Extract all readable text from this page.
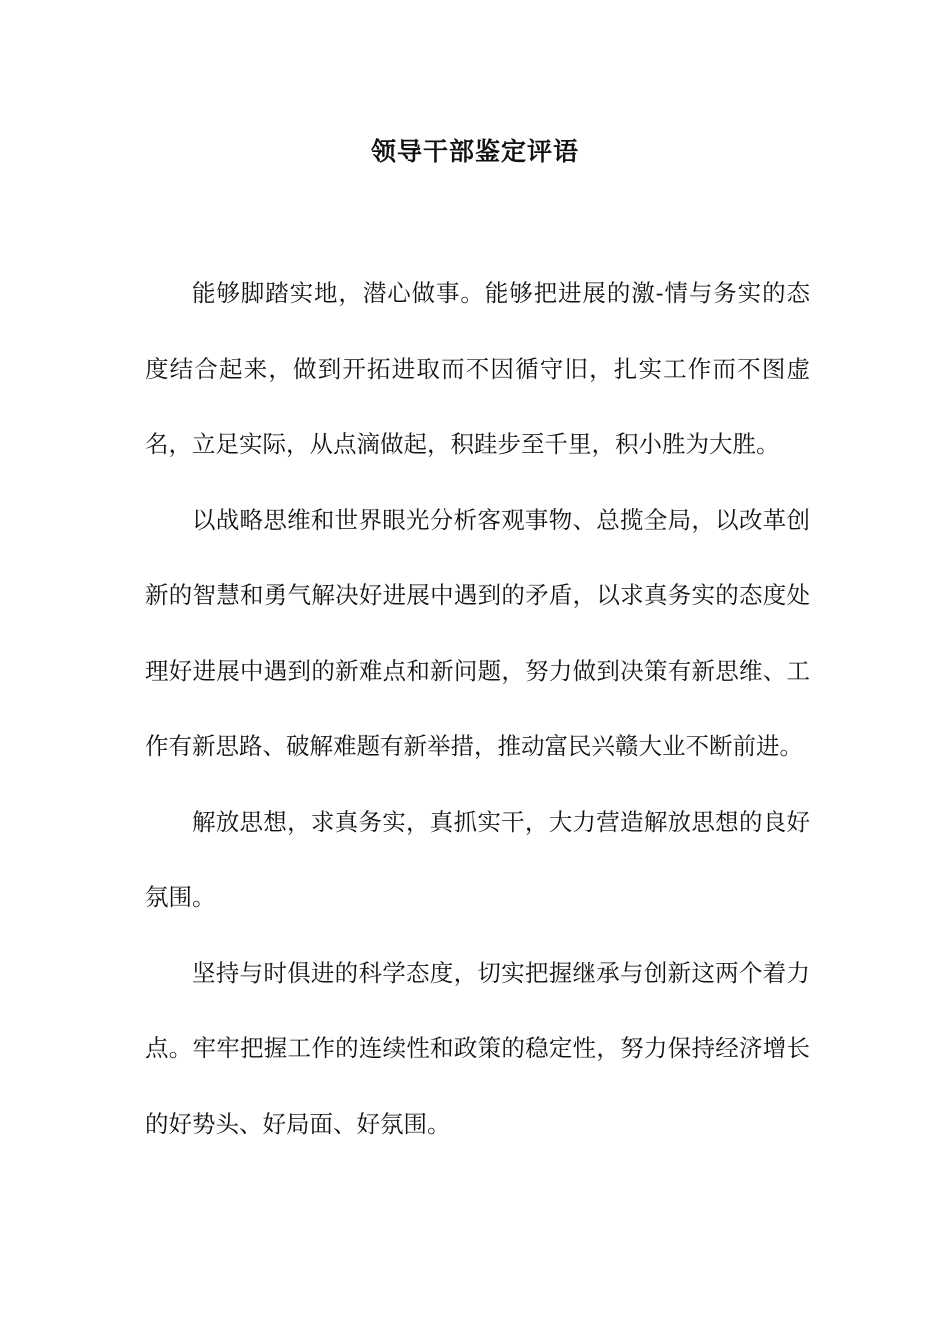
领导干部鉴定评语

能够脚踏实地，潜心做事。能够把进展的激-情与务实的态度结合起来，做到开拓进取而不因循守旧，扎实工作而不图虚名，立足实际，从点滴做起，积跬步至千里，积小胜为大胜。

以战略思维和世界眼光分析客观事物、总揽全局，以改革创新的智慧和勇气解决好进展中遇到的矛盾，以求真务实的态度处理好进展中遇到的新难点和新问题，努力做到决策有新思维、工作有新思路、破解难题有新举措，推动富民兴赣大业不断前进。

解放思想，求真务实，真抓实干，大力营造解放思想的良好氛围。

坚持与时俱进的科学态度，切实把握继承与创新这两个着力点。牢牢把握工作的连续性和政策的稳定性，努力保持经济增长的好势头、好局面、好氛围。
